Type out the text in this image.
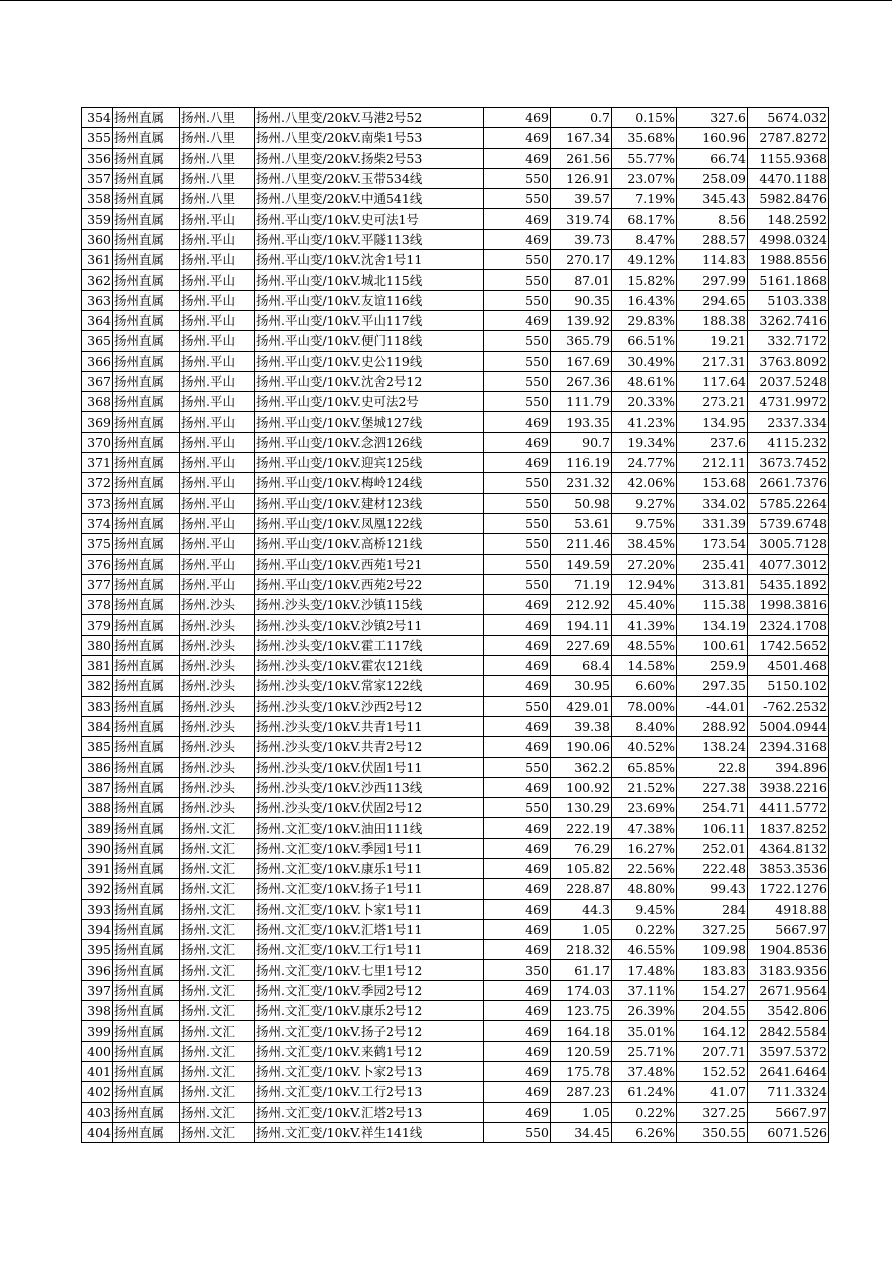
354	扬州直属	扬州.八里	扬州.八里变/20kV.马港2号52	469	0.7	0.15%	327.6	5674.032
355	扬州直属	扬州.八里	扬州.八里变/20kV.南柴1号53	469	167.34	35.68%	160.96	2787.8272
356	扬州直属	扬州.八里	扬州.八里变/20kV.扬柴2号53	469	261.56	55.77%	66.74	1155.9368
357	扬州直属	扬州.八里	扬州.八里变/20kV.玉带534线	550	126.91	23.07%	258.09	4470.1188
358	扬州直属	扬州.八里	扬州.八里变/20kV.中通541线	550	39.57	7.19%	345.43	5982.8476
359	扬州直属	扬州.平山	扬州.平山变/10kV.史可法1号	469	319.74	68.17%	8.56	148.2592
360	扬州直属	扬州.平山	扬州.平山变/10kV.平隧113线	469	39.73	8.47%	288.57	4998.0324
361	扬州直属	扬州.平山	扬州.平山变/10kV.沈舍1号11	550	270.17	49.12%	114.83	1988.8556
362	扬州直属	扬州.平山	扬州.平山变/10kV.城北115线	550	87.01	15.82%	297.99	5161.1868
363	扬州直属	扬州.平山	扬州.平山变/10kV.友谊116线	550	90.35	16.43%	294.65	5103.338
364	扬州直属	扬州.平山	扬州.平山变/10kV.平山117线	469	139.92	29.83%	188.38	3262.7416
365	扬州直属	扬州.平山	扬州.平山变/10kV.便门118线	550	365.79	66.51%	19.21	332.7172
366	扬州直属	扬州.平山	扬州.平山变/10kV.史公119线	550	167.69	30.49%	217.31	3763.8092
367	扬州直属	扬州.平山	扬州.平山变/10kV.沈舍2号12	550	267.36	48.61%	117.64	2037.5248
368	扬州直属	扬州.平山	扬州.平山变/10kV.史可法2号	550	111.79	20.33%	273.21	4731.9972
369	扬州直属	扬州.平山	扬州.平山变/10kV.堡城127线	469	193.35	41.23%	134.95	2337.334
370	扬州直属	扬州.平山	扬州.平山变/10kV.念泗126线	469	90.7	19.34%	237.6	4115.232
371	扬州直属	扬州.平山	扬州.平山变/10kV.迎宾125线	469	116.19	24.77%	212.11	3673.7452
372	扬州直属	扬州.平山	扬州.平山变/10kV.梅岭124线	550	231.32	42.06%	153.68	2661.7376
373	扬州直属	扬州.平山	扬州.平山变/10kV.建材123线	550	50.98	9.27%	334.02	5785.2264
374	扬州直属	扬州.平山	扬州.平山变/10kV.凤凰122线	550	53.61	9.75%	331.39	5739.6748
375	扬州直属	扬州.平山	扬州.平山变/10kV.高桥121线	550	211.46	38.45%	173.54	3005.7128
376	扬州直属	扬州.平山	扬州.平山变/10kV.西苑1号21	550	149.59	27.20%	235.41	4077.3012
377	扬州直属	扬州.平山	扬州.平山变/10kV.西苑2号22	550	71.19	12.94%	313.81	5435.1892
378	扬州直属	扬州.沙头	扬州.沙头变/10kV.沙镇115线	469	212.92	45.40%	115.38	1998.3816
379	扬州直属	扬州.沙头	扬州.沙头变/10kV.沙镇2号11	469	194.11	41.39%	134.19	2324.1708
380	扬州直属	扬州.沙头	扬州.沙头变/10kV.霍工117线	469	227.69	48.55%	100.61	1742.5652
381	扬州直属	扬州.沙头	扬州.沙头变/10kV.霍农121线	469	68.4	14.58%	259.9	4501.468
382	扬州直属	扬州.沙头	扬州.沙头变/10kV.常家122线	469	30.95	6.60%	297.35	5150.102
383	扬州直属	扬州.沙头	扬州.沙头变/10kV.沙西2号12	550	429.01	78.00%	-44.01	-762.2532
384	扬州直属	扬州.沙头	扬州.沙头变/10kV.共青1号11	469	39.38	8.40%	288.92	5004.0944
385	扬州直属	扬州.沙头	扬州.沙头变/10kV.共青2号12	469	190.06	40.52%	138.24	2394.3168
386	扬州直属	扬州.沙头	扬州.沙头变/10kV.伏固1号11	550	362.2	65.85%	22.8	394.896
387	扬州直属	扬州.沙头	扬州.沙头变/10kV.沙西113线	469	100.92	21.52%	227.38	3938.2216
388	扬州直属	扬州.沙头	扬州.沙头变/10kV.伏固2号12	550	130.29	23.69%	254.71	4411.5772
389	扬州直属	扬州.文汇	扬州.文汇变/10kV.油田111线	469	222.19	47.38%	106.11	1837.8252
390	扬州直属	扬州.文汇	扬州.文汇变/10kV.季园1号11	469	76.29	16.27%	252.01	4364.8132
391	扬州直属	扬州.文汇	扬州.文汇变/10kV.康乐1号11	469	105.82	22.56%	222.48	3853.3536
392	扬州直属	扬州.文汇	扬州.文汇变/10kV.扬子1号11	469	228.87	48.80%	99.43	1722.1276
393	扬州直属	扬州.文汇	扬州.文汇变/10kV.卜家1号11	469	44.3	9.45%	284	4918.88
394	扬州直属	扬州.文汇	扬州.文汇变/10kV.汇塔1号11	469	1.05	0.22%	327.25	5667.97
395	扬州直属	扬州.文汇	扬州.文汇变/10kV.工行1号11	469	218.32	46.55%	109.98	1904.8536
396	扬州直属	扬州.文汇	扬州.文汇变/10kV.七里1号12	350	61.17	17.48%	183.83	3183.9356
397	扬州直属	扬州.文汇	扬州.文汇变/10kV.季园2号12	469	174.03	37.11%	154.27	2671.9564
398	扬州直属	扬州.文汇	扬州.文汇变/10kV.康乐2号12	469	123.75	26.39%	204.55	3542.806
399	扬州直属	扬州.文汇	扬州.文汇变/10kV.扬子2号12	469	164.18	35.01%	164.12	2842.5584
400	扬州直属	扬州.文汇	扬州.文汇变/10kV.来鹤1号12	469	120.59	25.71%	207.71	3597.5372
401	扬州直属	扬州.文汇	扬州.文汇变/10kV.卜家2号13	469	175.78	37.48%	152.52	2641.6464
402	扬州直属	扬州.文汇	扬州.文汇变/10kV.工行2号13	469	287.23	61.24%	41.07	711.3324
403	扬州直属	扬州.文汇	扬州.文汇变/10kV.汇塔2号13	469	1.05	0.22%	327.25	5667.97
404	扬州直属	扬州.文汇	扬州.文汇变/10kV.祥生141线	550	34.45	6.26%	350.55	6071.526
